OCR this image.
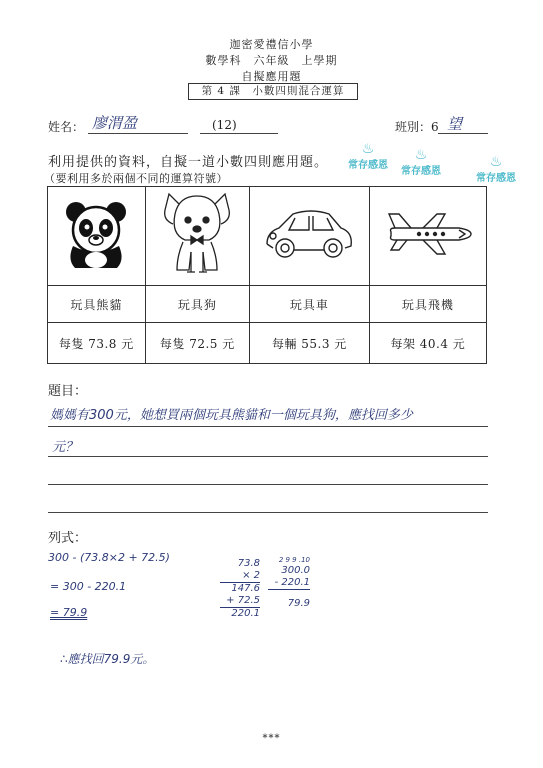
迦密愛禮信小學
數學科　六年級　上學期
自擬應用題
第 4 課　小數四則混合運算
姓名： 廖渭盈	(12)	班別：6 望
♨
常存感恩
♨
常存感恩
♨
常存感恩
利用提供的資料，自擬一道小數四則應用題。
（要利用多於兩個不同的運算符號）

玩具熊貓	玩具狗	玩具車	玩具飛機
每隻 73.8 元	每隻 72.5 元	每輛 55.3 元	每架 40.4 元
題目：
媽媽有300元，她想買兩個玩具熊貓和一個玩具狗，應找回多少
元？
列式：
300 - (73.8×2 + 72.5)
= 300 - 220.1
= 79.9
∴應找回79.9元。
73.8
× 2
147.6
+ 72.5
220.1
2 9 9 .10
300.0
- 220.1
79.9
***
